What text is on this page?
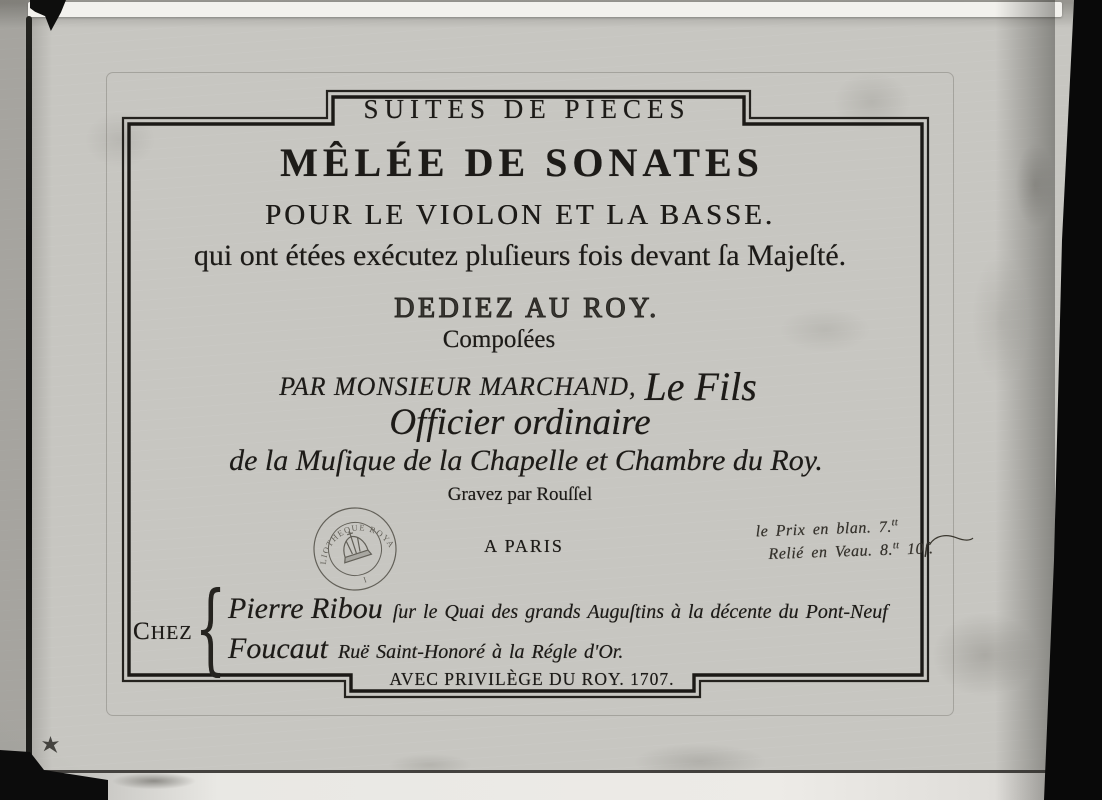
SUITES DE PIECES
MÊLÉE DE SONATES
POUR LE VIOLON ET LA BASSE.
qui ont étées exécutez pluſieurs fois devant ſa Majeſté.
DEDIEZ AU ROY.
Compoſées
PAR MONSIEUR MARCHAND, Le Fils
Officier ordinaire
de la Muſique de la Chapelle et Chambre du Roy.
Gravez par Rouſſel
A PARIS
le Prix en blan. 7.$^{tt}$
Relié en Veau. 8.$^{tt}$ 10ſ.
BIBLIOTHEQUE ROYALE
I
CHEZ { Pierre Ribou ſur le Quai des grands Auguſtins à la décente du Pont-Neuf
Foucaut Ruë Saint-Honoré à la Régle d'Or.
AVEC PRIVILÈGE DU ROY. 1707.
